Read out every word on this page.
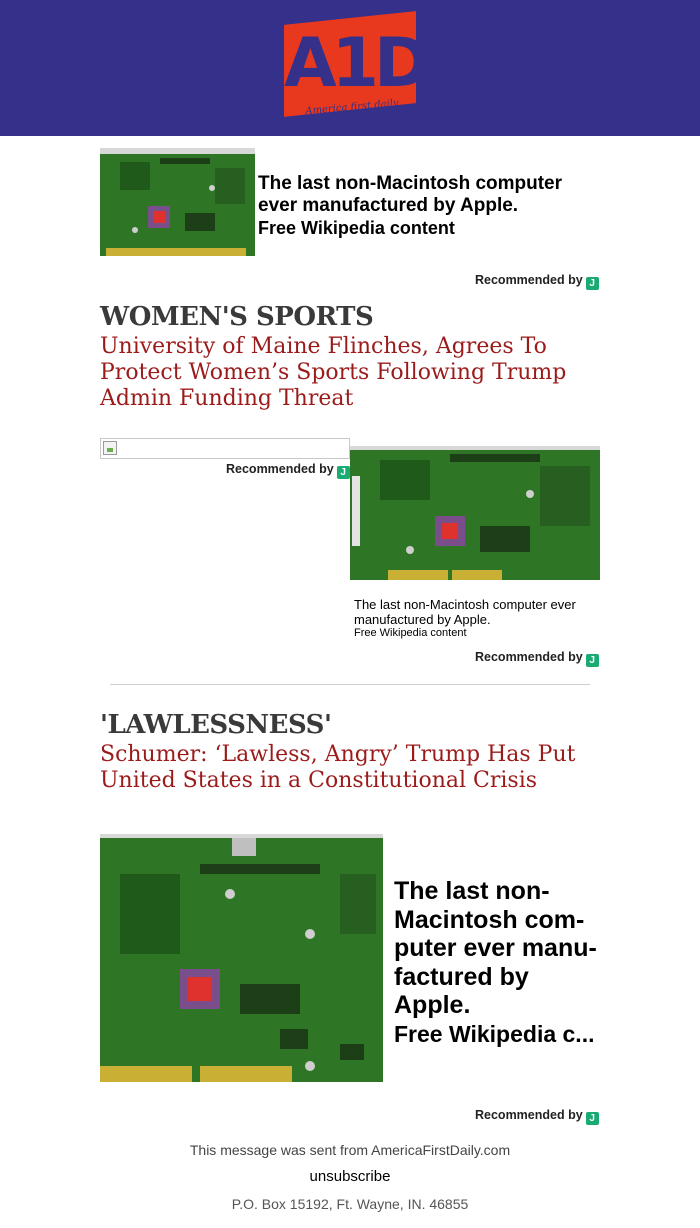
A1D
America first daily
The last non-Macintosh computer ever manufactured by Apple.
Free Wikipedia content
Recommended by J
WOMEN'S SPORTS
University of Maine Flinches, Agrees To Protect Women’s Sports Following Trump Admin Funding Threat
Recommended by J
The last non-Macintosh computer ever manufactured by Apple.
Free Wikipedia content
Recommended by J
'LAWLESSNESS'
Schumer: ‘Lawless, Angry’ Trump Has Put United States in a Constitutional Crisis
The last non-Macintosh com-puter ever manu-factured by Apple.
Free Wikipedia c...
Recommended by J
This message was sent from AmericaFirstDaily.com
unsubscribe
P.O. Box 15192, Ft. Wayne, IN. 46855
